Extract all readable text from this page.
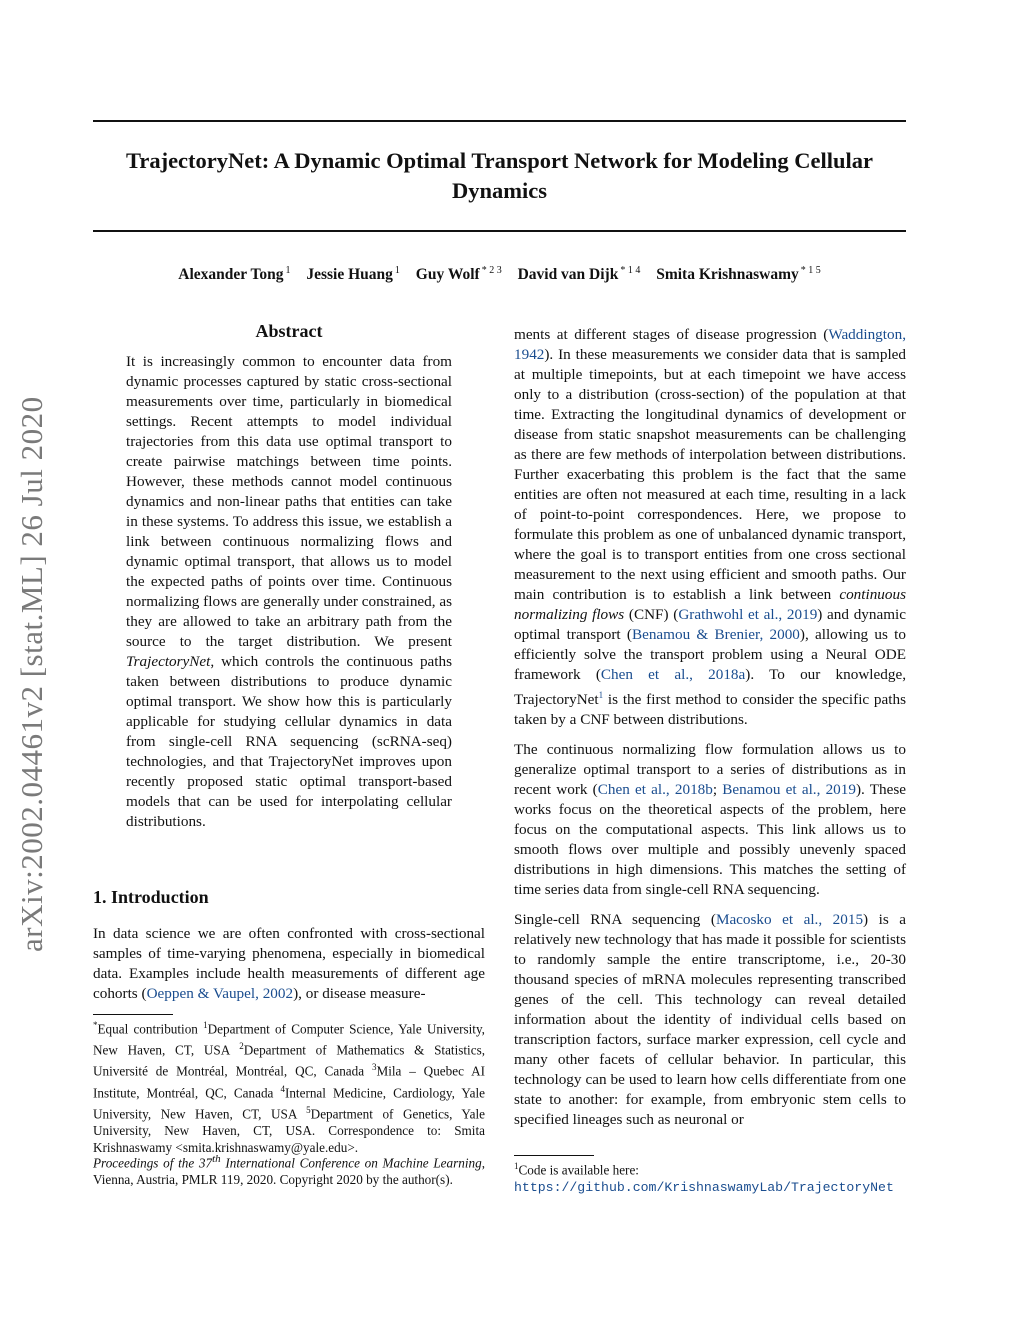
TrajectoryNet: A Dynamic Optimal Transport Network for Modeling Cellular Dynamics
Alexander Tong $^1$ Jessie Huang $^1$ Guy Wolf $^{* 2 3}$ David van Dijk $^{* 1 4}$ Smita Krishnaswamy $^{* 1 5}$
arXiv:2002.04461v2 [stat.ML] 26 Jul 2020
Abstract
It is increasingly common to encounter data from dynamic processes captured by static cross-sectional measurements over time, particularly in biomedical settings. Recent attempts to model individual trajectories from this data use optimal transport to create pairwise matchings between time points. However, these methods cannot model continuous dynamics and non-linear paths that entities can take in these systems. To address this issue, we establish a link between continuous normalizing flows and dynamic optimal transport, that allows us to model the expected paths of points over time. Continuous normalizing flows are generally under constrained, as they are allowed to take an arbitrary path from the source to the target distribution. We present TrajectoryNet, which controls the continuous paths taken between distributions to produce dynamic optimal transport. We show how this is particularly applicable for studying cellular dynamics in data from single-cell RNA sequencing (scRNA-seq) technologies, and that TrajectoryNet improves upon recently proposed static optimal transport-based models that can be used for interpolating cellular distributions.
1. Introduction
In data science we are often confronted with cross-sectional samples of time-varying phenomena, especially in biomedical data. Examples include health measurements of different age cohorts (Oeppen & Vaupel, 2002), or disease measure-
*Equal contribution $^1$Department of Computer Science, Yale University, New Haven, CT, USA $^2$Department of Mathematics & Statistics, Université de Montréal, Montréal, QC, Canada $^3$Mila – Quebec AI Institute, Montréal, QC, Canada $^4$Internal Medicine, Cardiology, Yale University, New Haven, CT, USA $^5$Department of Genetics, Yale University, New Haven, CT, USA. Correspondence to: Smita Krishnaswamy <smita.krishnaswamy@yale.edu>.
Proceedings of the 37th International Conference on Machine Learning, Vienna, Austria, PMLR 119, 2020. Copyright 2020 by the author(s).

ments at different stages of disease progression (Waddington, 1942). In these measurements we consider data that is sampled at multiple timepoints, but at each timepoint we have access only to a distribution (cross-section) of the population at that time. Extracting the longitudinal dynamics of development or disease from static snapshot measurements can be challenging as there are few methods of interpolation between distributions. Further exacerbating this problem is the fact that the same entities are often not measured at each time, resulting in a lack of point-to-point correspondences. Here, we propose to formulate this problem as one of unbalanced dynamic transport, where the goal is to transport entities from one cross sectional measurement to the next using efficient and smooth paths. Our main contribution is to establish a link between continuous normalizing flows (CNF) (Grathwohl et al., 2019) and dynamic optimal transport (Benamou & Brenier, 2000), allowing us to efficiently solve the transport problem using a Neural ODE framework (Chen et al., 2018a). To our knowledge, TrajectoryNet$^1$ is the first method to consider the specific paths taken by a CNF between distributions.

The continuous normalizing flow formulation allows us to generalize optimal transport to a series of distributions as in recent work (Chen et al., 2018b; Benamou et al., 2019). These works focus on the theoretical aspects of the problem, here focus on the computational aspects. This link allows us to smooth flows over multiple and possibly unevenly spaced distributions in high dimensions. This matches the setting of time series data from single-cell RNA sequencing.

Single-cell RNA sequencing (Macosko et al., 2015) is a relatively new technology that has made it possible for scientists to randomly sample the entire transcriptome, i.e., 20-30 thousand species of mRNA molecules representing transcribed genes of the cell. This technology can reveal detailed information about the identity of individual cells based on transcription factors, surface marker expression, cell cycle and many other facets of cellular behavior. In particular, this technology can be used to learn how cells differentiate from one state to another: for example, from embryonic stem cells to specified lineages such as neuronal or

$^1$Code is available here:https://github.com/KrishnaswamyLab/TrajectoryNet
